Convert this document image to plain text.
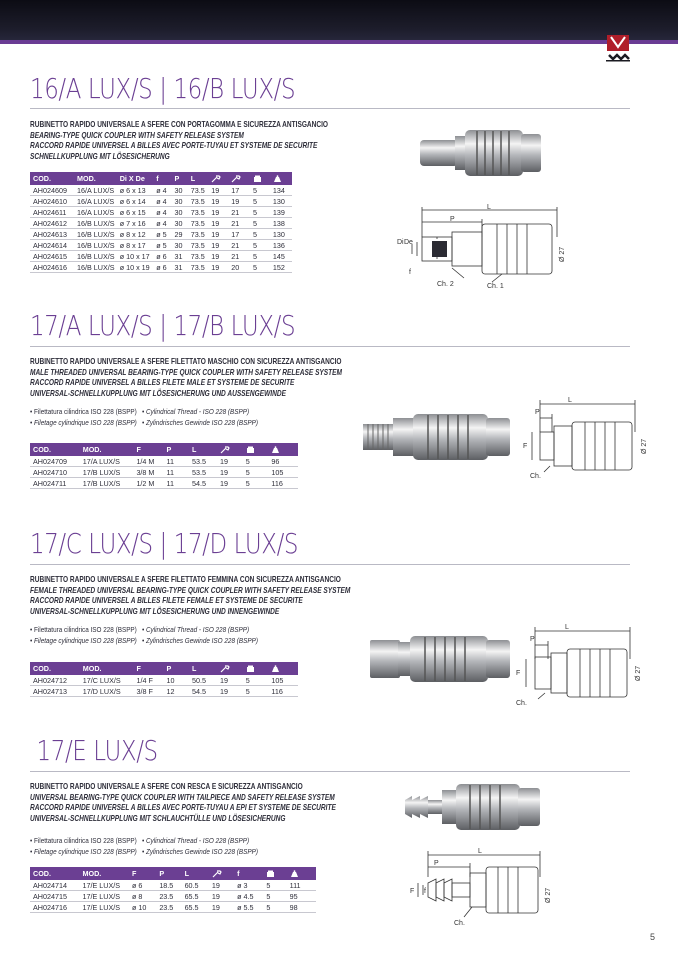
16/A LUX/S | 16/B LUX/S
RUBINETTO RAPIDO UNIVERSALE A SFERE CON PORTAGOMMA E SICUREZZA ANTISGANCIO
BEARING-TYPE QUICK COUPLER WITH SAFETY RELEASE SYSTEM
RACCORD RAPIDE UNIVERSEL A BILLES AVEC PORTE-TUYAU ET SYSTEME DE SECURITE
SCHNELLKUPPLUNG MIT LÖSESICHERUNG
COD.	MOD.	Di X De	f	P	L				
AH024609	16/A LUX/S	ø 6 x 13	ø 4	30	73.5	19	17	5	134
AH024610	16/A LUX/S	ø 6 x 14	ø 4	30	73.5	19	19	5	130
AH024611	16/A LUX/S	ø 6 x 15	ø 4	30	73.5	19	21	5	139
AH024612	16/B LUX/S	ø 7 x 16	ø 4	30	73.5	19	21	5	138
AH024613	16/B LUX/S	ø 8 x 12	ø 5	29	73.5	19	17	5	130
AH024614	16/B LUX/S	ø 8 x 17	ø 5	30	73.5	19	21	5	136
AH024615	16/B LUX/S	ø 10 x 17	ø 6	31	73.5	19	21	5	145
AH024616	16/B LUX/S	ø 10 x 19	ø 6	31	73.5	19	20	5	152
L
P
Di De
f
Ch. 2	Ch. 1
Ø 27
17/A LUX/S | 17/B LUX/S
RUBINETTO RAPIDO UNIVERSALE A SFERE FILETTATO MASCHIO CON SICUREZZA ANTISGANCIO
MALE THREADED UNIVERSAL BEARING-TYPE QUICK COUPLER WITH SAFETY RELEASE SYSTEM
RACCORD RAPIDE UNIVERSEL A BILLES FILETE MALE ET SYSTEME DE SECURITE
UNIVERSAL-SCHNELLKUPPLUNG MIT LÖSESICHERUNG UND AUSSENGEWINDE
• Filettatura cilindrica ISO 228 (BSPP) • Cylindrical Thread - ISO 228 (BSPP)
• Filetage cylindrique ISO 228 (BSPP) • Zylindrisches Gewinde ISO 228 (BSPP)
COD.	MOD.	F	P	L			
AH024709	17/A LUX/S	1/4 M	11	53.5	19	5	96
AH024710	17/B LUX/S	3/8 M	11	53.5	19	5	105
AH024711	17/B LUX/S	1/2 M	11	54.5	19	5	116
L
P
F
Ch.
Ø 27
17/C LUX/S | 17/D LUX/S
RUBINETTO RAPIDO UNIVERSALE A SFERE FILETTATO FEMMINA CON SICUREZZA ANTISGANCIO
FEMALE THREADED UNIVERSAL BEARING-TYPE QUICK COUPLER WITH SAFETY RELEASE SYSTEM
RACCORD RAPIDE UNIVERSEL A BILLES FILETE FEMALE ET SYSTEME DE SECURITE
UNIVERSAL-SCHNELLKUPPLUNG MIT LÖSESICHERUNG UND INNENGEWINDE
• Filettatura cilindrica ISO 228 (BSPP) • Cylindrical Thread - ISO 228 (BSPP)
• Filetage cylindrique ISO 228 (BSPP) • Zylindrisches Gewinde ISO 228 (BSPP)
COD.	MOD.	F	P	L			
AH024712	17/C LUX/S	1/4 F	10	50.5	19	5	105
AH024713	17/D LUX/S	3/8 F	12	54.5	19	5	116
L
P
F
Ch.
Ø 27
17/E LUX/S
RUBINETTO RAPIDO UNIVERSALE A SFERE CON RESCA E SICUREZZA ANTISGANCIO
UNIVERSAL BEARING-TYPE QUICK COUPLER WITH TAILPIECE AND SAFETY RELEASE SYSTEM
RACCORD RAPIDE UNIVERSEL A BILLES AVEC PORTE-TUYAU A EPI ET SYSTEME DE SECURITE
UNIVERSAL-SCHNELLKUPPLUNG MIT SCHLAUCHTÜLLE UND LÖSESICHERUNG
• Filettatura cilindrica ISO 228 (BSPP) • Cylindrical Thread - ISO 228 (BSPP)
• Filetage cylindrique ISO 228 (BSPP) • Zylindrisches Gewinde ISO 228 (BSPP)
COD.	MOD.	F	P	L		f		
AH024714	17/E LUX/S	ø 6	18.5	60.5	19	ø 3	5	111
AH024715	17/E LUX/S	ø 8	23.5	65.5	19	ø 4.5	5	95
AH024716	17/E LUX/S	ø 10	23.5	65.5	19	ø 5.5	5	98
L
P
F f
Ch.
Ø 27
5
